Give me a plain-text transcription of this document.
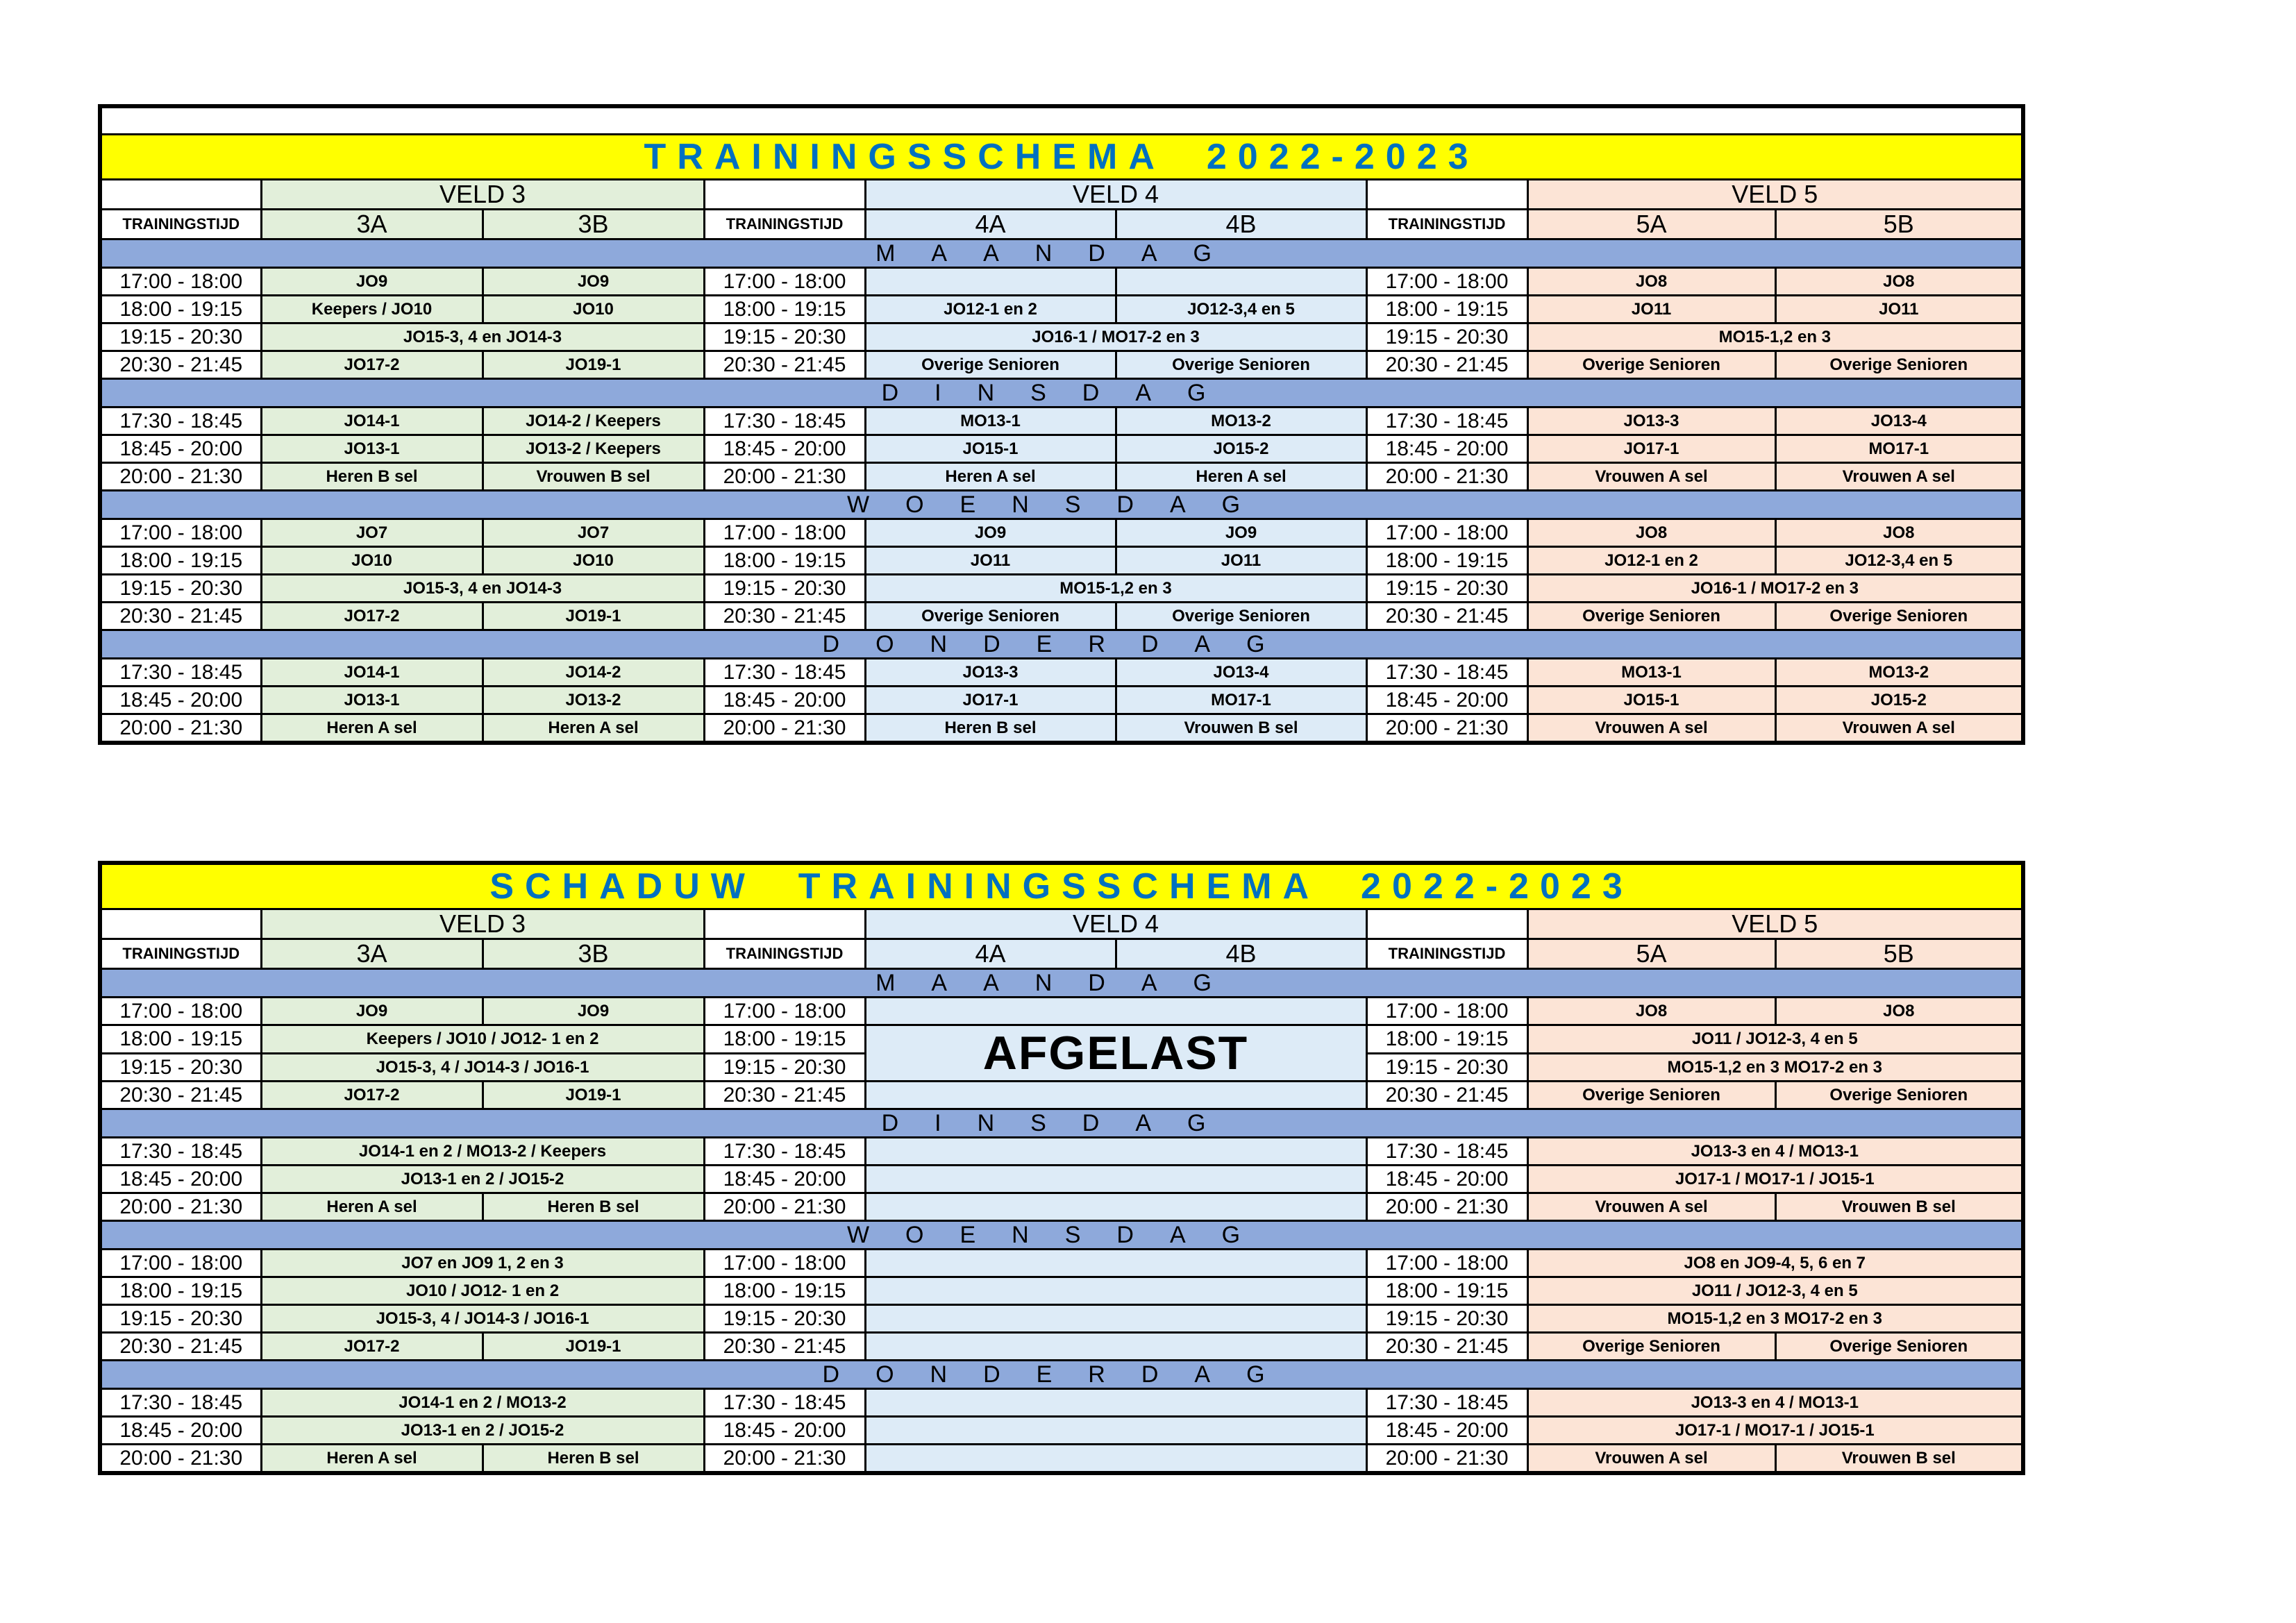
TRAININGSSCHEMA  2022-2023								
	VELD 3			VELD 4			VELD 5	
TRAININGSTIJD	3A	3B	TRAININGSTIJD	4A	4B	TRAININGSTIJD	5A	5B
MAANDAG								
17:00 - 18:00	JO9	JO9	17:00 - 18:00			17:00 - 18:00	JO8	JO8
18:00 - 19:15	Keepers / JO10	JO10	18:00 - 19:15	JO12-1 en 2	JO12-3,4 en 5	18:00 - 19:15	JO11	JO11
19:15 - 20:30	JO15-3, 4 en JO14-3		19:15 - 20:30	JO16-1 / MO17-2 en 3		19:15 - 20:30	MO15-1,2 en 3	
20:30 - 21:45	JO17-2	JO19-1	20:30 - 21:45	Overige Senioren	Overige Senioren	20:30 - 21:45	Overige Senioren	Overige Senioren
DINSDAG								
17:30 - 18:45	JO14-1	JO14-2 / Keepers	17:30 - 18:45	MO13-1	MO13-2	17:30 - 18:45	JO13-3	JO13-4
18:45 - 20:00	JO13-1	JO13-2 / Keepers	18:45 - 20:00	JO15-1	JO15-2	18:45 - 20:00	JO17-1	MO17-1
20:00 - 21:30	Heren B sel	Vrouwen B sel	20:00 - 21:30	Heren A sel	Heren A sel	20:00 - 21:30	Vrouwen A sel	Vrouwen A sel
WOENSDAG								
17:00 - 18:00	JO7	JO7	17:00 - 18:00	JO9	JO9	17:00 - 18:00	JO8	JO8
18:00 - 19:15	JO10	JO10	18:00 - 19:15	JO11	JO11	18:00 - 19:15	JO12-1 en 2	JO12-3,4 en 5
19:15 - 20:30	JO15-3, 4 en JO14-3		19:15 - 20:30	MO15-1,2 en 3		19:15 - 20:30	JO16-1 / MO17-2 en 3	
20:30 - 21:45	JO17-2	JO19-1	20:30 - 21:45	Overige Senioren	Overige Senioren	20:30 - 21:45	Overige Senioren	Overige Senioren
DONDERDAG								
17:30 - 18:45	JO14-1	JO14-2	17:30 - 18:45	JO13-3	JO13-4	17:30 - 18:45	MO13-1	MO13-2
18:45 - 20:00	JO13-1	JO13-2	18:45 - 20:00	JO17-1	MO17-1	18:45 - 20:00	JO15-1	JO15-2
20:00 - 21:30	Heren A sel	Heren A sel	20:00 - 21:30	Heren B sel	Vrouwen B sel	20:00 - 21:30	Vrouwen A sel	Vrouwen A sel
SCHADUW  TRAININGSSCHEMA  2022-2023								
	VELD 3			VELD 4			VELD 5	
TRAININGSTIJD	3A	3B	TRAININGSTIJD	4A	4B	TRAININGSTIJD	5A	5B
MAANDAG								
17:00 - 18:00	JO9	JO9	17:00 - 18:00			17:00 - 18:00	JO8	JO8
18:00 - 19:15	Keepers / JO10 / JO12- 1 en 2		18:00 - 19:15	AFGELAST		18:00 - 19:15	JO11 / JO12-3, 4 en 5	
19:15 - 20:30	JO15-3, 4 / JO14-3 / JO16-1		19:15 - 20:30			19:15 - 20:30	MO15-1,2 en 3 MO17-2 en 3	
20:30 - 21:45	JO17-2	JO19-1	20:30 - 21:45			20:30 - 21:45	Overige Senioren	Overige Senioren
DINSDAG								
17:30 - 18:45	JO14-1 en 2 / MO13-2 / Keepers		17:30 - 18:45			17:30 - 18:45	JO13-3 en 4 / MO13-1	
18:45 - 20:00	JO13-1 en 2 / JO15-2		18:45 - 20:00			18:45 - 20:00	JO17-1 / MO17-1 / JO15-1	
20:00 - 21:30	Heren A sel	Heren B sel	20:00 - 21:30			20:00 - 21:30	Vrouwen A sel	Vrouwen B sel
WOENSDAG								
17:00 - 18:00	JO7 en JO9 1, 2 en 3		17:00 - 18:00			17:00 - 18:00	JO8 en JO9-4, 5, 6 en 7	
18:00 - 19:15	JO10 / JO12- 1 en 2		18:00 - 19:15			18:00 - 19:15	JO11 / JO12-3, 4 en 5	
19:15 - 20:30	JO15-3, 4 / JO14-3 / JO16-1		19:15 - 20:30			19:15 - 20:30	MO15-1,2 en 3 MO17-2 en 3	
20:30 - 21:45	JO17-2	JO19-1	20:30 - 21:45			20:30 - 21:45	Overige Senioren	Overige Senioren
DONDERDAG								
17:30 - 18:45	JO14-1 en 2 / MO13-2		17:30 - 18:45			17:30 - 18:45	JO13-3 en 4 / MO13-1	
18:45 - 20:00	JO13-1 en 2 / JO15-2		18:45 - 20:00			18:45 - 20:00	JO17-1 / MO17-1 / JO15-1	
20:00 - 21:30	Heren A sel	Heren B sel	20:00 - 21:30			20:00 - 21:30	Vrouwen A sel	Vrouwen B sel
